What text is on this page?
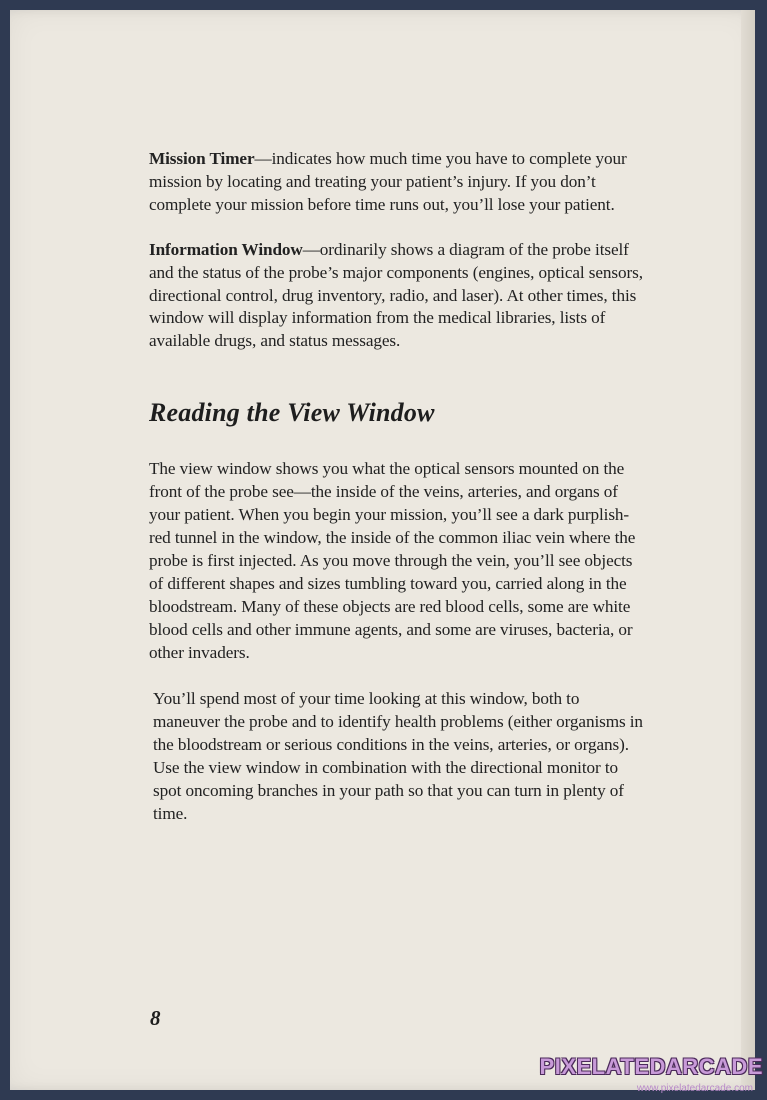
Mission Timer—indicates how much time you have to complete your mission by locating and treating your patient’s injury. If you don’t complete your mission before time runs out, you’ll lose your patient.

Information Window—ordinarily shows a diagram of the probe itself and the status of the probe’s major components (engines, optical sensors, directional control, drug inventory, radio, and laser). At other times, this window will display information from the medical libraries, lists of available drugs, and status messages.

Reading the View Window

The view window shows you what the optical sensors mounted on the front of the probe see—the inside of the veins, arteries, and organs of your patient. When you begin your mission, you’ll see a dark purplish-red tunnel in the window, the inside of the common iliac vein where the probe is first injected. As you move through the vein, you’ll see objects of different shapes and sizes tumbling toward you, carried along in the bloodstream. Many of these objects are red blood cells, some are white blood cells and other immune agents, and some are viruses, bacteria, or other invaders.

You’ll spend most of your time looking at this window, both to maneuver the probe and to identify health problems (either organisms in the bloodstream or serious conditions in the veins, arteries, or organs). Use the view window in combination with the directional monitor to spot oncoming branches in your path so that you can turn in plenty of time.

8
PIXELATEDARCADE
www.pixelatedarcade.com
